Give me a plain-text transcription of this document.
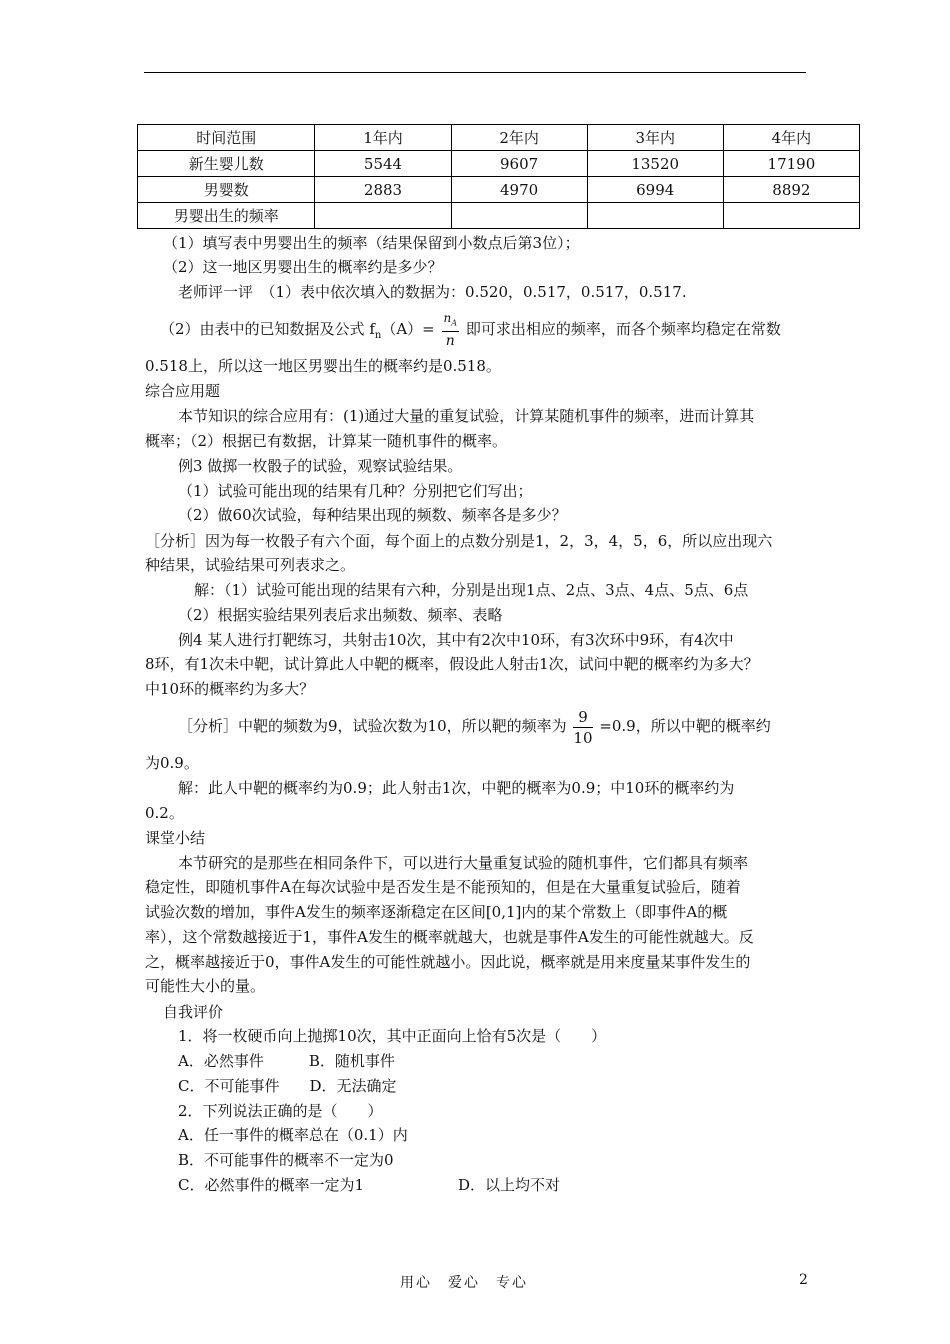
时间范围	1年内	2年内	3年内	4年内
新生婴儿数	5544	9607	13520	17190
男婴数	2883	4970	6994	8892
男婴出生的频率				
（1）填写表中男婴出生的频率（结果保留到小数点后第3位）；
（2）这一地区男婴出生的概率约是多少？
老师评一评　（1）表中依次填入的数据为：0.520，0.517，0.517，0.517.
（2）由表中的已知数据及公式 $f_n(A)= \frac{n_A}{n}$ 即可求出相应的频率，而各个频率均稳定在常数
0.518上，所以这一地区男婴出生的概率约是0.518。
综合应用题
本节知识的综合应用有：(1)通过大量的重复试验，计算某随机事件的频率，进而计算其
概率；（2）根据已有数据，计算某一随机事件的概率。
例3 做掷一枚骰子的试验，观察试验结果。
（1）试验可能出现的结果有几种？分别把它们写出；
（2）做60次试验，每种结果出现的频数、频率各是多少？
［分析］因为每一枚骰子有六个面，每个面上的点数分别是1，2，3，4，5，6，所以应出现六
种结果，试验结果可列表求之。
解：（1）试验可能出现的结果有六种，分别是出现1点、2点、3点、4点、5点、6点
（2）根据实验结果列表后求出频数、频率、表略
例4 某人进行打靶练习，共射击10次，其中有2次中10环，有3次环中9环，有4次中
8环，有1次未中靶，试计算此人中靶的概率，假设此人射击1次，试问中靶的概率约为多大？
中10环的概率约为多大？
［分析］中靶的频数为9，试验次数为10，所以靶的频率为 $\frac{9}{10} =0.9$，所以中靶的概率约
为0.9。
解：此人中靶的概率约为0.9；此人射击1次，中靶的概率为0.9；中10环的概率约为
0.2。
课堂小结
本节研究的是那些在相同条件下，可以进行大量重复试验的随机事件，它们都具有频率
稳定性，即随机事件A在每次试验中是否发生是不能预知的，但是在大量重复试验后，随着
试验次数的增加，事件A发生的频率逐渐稳定在区间[0,1]内的某个常数上（即事件A的概
率），这个常数越接近于1，事件A发生的概率就越大，也就是事件A发生的可能性就越大。反
之，概率越接近于0，事件A发生的可能性就越小。因此说，概率就是用来度量某事件发生的
可能性大小的量。
自我评价
1．将一枚硬币向上抛掷10次，其中正面向上恰有5次是（　　）
A．必然事件　　　B．随机事件
C．不可能事件　　D．无法确定
2．下列说法正确的是（　　）
A．任一事件的概率总在（0.1）内
B．不可能事件的概率不一定为0
C．必然事件的概率一定为1	D．以上均不对
用心　爱心　专心	2
